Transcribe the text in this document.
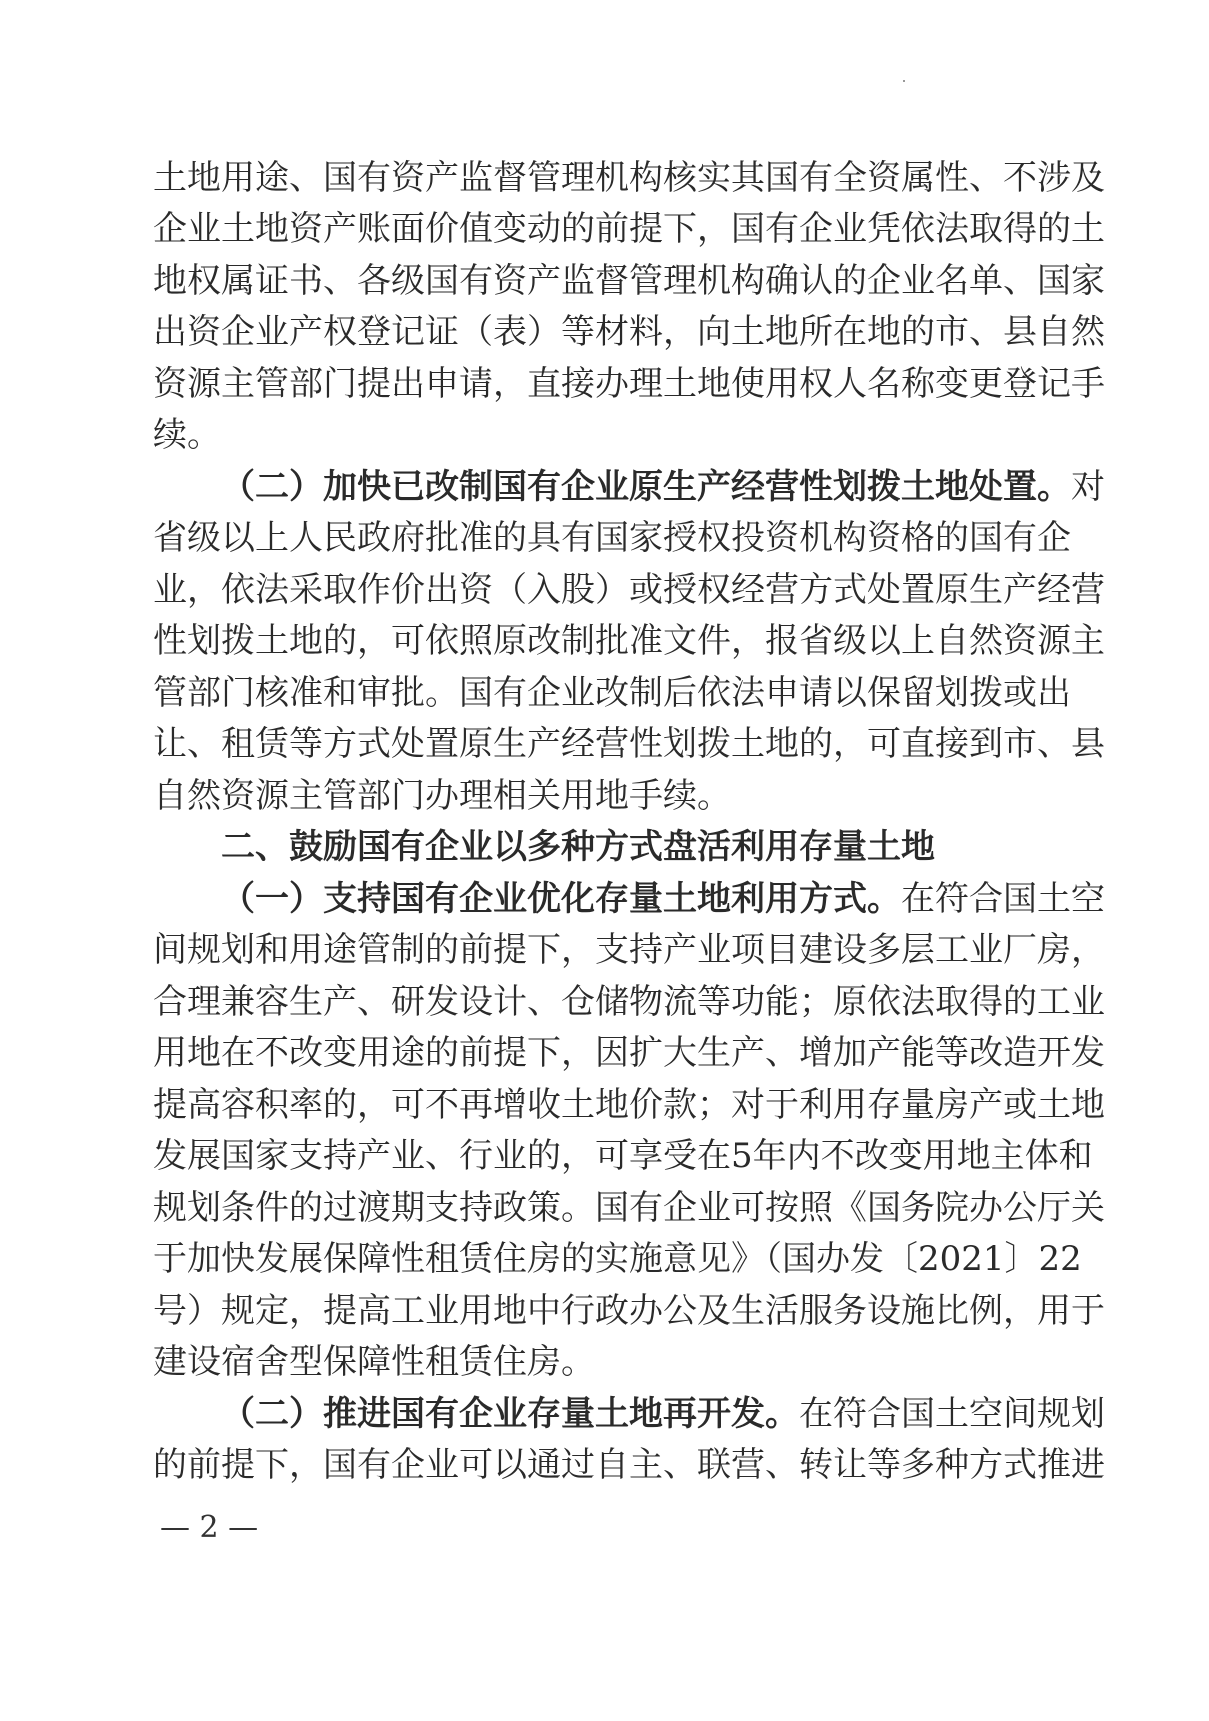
土地用途、国有资产监督管理机构核实其国有全资属性、不涉及
企业土地资产账面价值变动的前提下，国有企业凭依法取得的土
地权属证书、各级国有资产监督管理机构确认的企业名单、国家
出资企业产权登记证（表）等材料，向土地所在地的市、县自然
资源主管部门提出申请，直接办理土地使用权人名称变更登记手
续。
（二）加快已改制国有企业原生产经营性划拨土地处置。对
省级以上人民政府批准的具有国家授权投资机构资格的国有企
业，依法采取作价出资（入股）或授权经营方式处置原生产经营
性划拨土地的，可依照原改制批准文件，报省级以上自然资源主
管部门核准和审批。国有企业改制后依法申请以保留划拨或出
让、租赁等方式处置原生产经营性划拨土地的，可直接到市、县
自然资源主管部门办理相关用地手续。
二、鼓励国有企业以多种方式盘活利用存量土地
（一）支持国有企业优化存量土地利用方式。在符合国土空
间规划和用途管制的前提下，支持产业项目建设多层工业厂房，
合理兼容生产、研发设计、仓储物流等功能；原依法取得的工业
用地在不改变用途的前提下，因扩大生产、增加产能等改造开发
提高容积率的，可不再增收土地价款；对于利用存量房产或土地
发展国家支持产业、行业的，可享受在5年内不改变用地主体和
规划条件的过渡期支持政策。国有企业可按照《国务院办公厅关
于加快发展保障性租赁住房的实施意见》（国办发〔2021〕22
号）规定，提高工业用地中行政办公及生活服务设施比例，用于
建设宿舍型保障性租赁住房。
（二）推进国有企业存量土地再开发。在符合国土空间规划
的前提下，国有企业可以通过自主、联营、转让等多种方式推进
— 2 —
